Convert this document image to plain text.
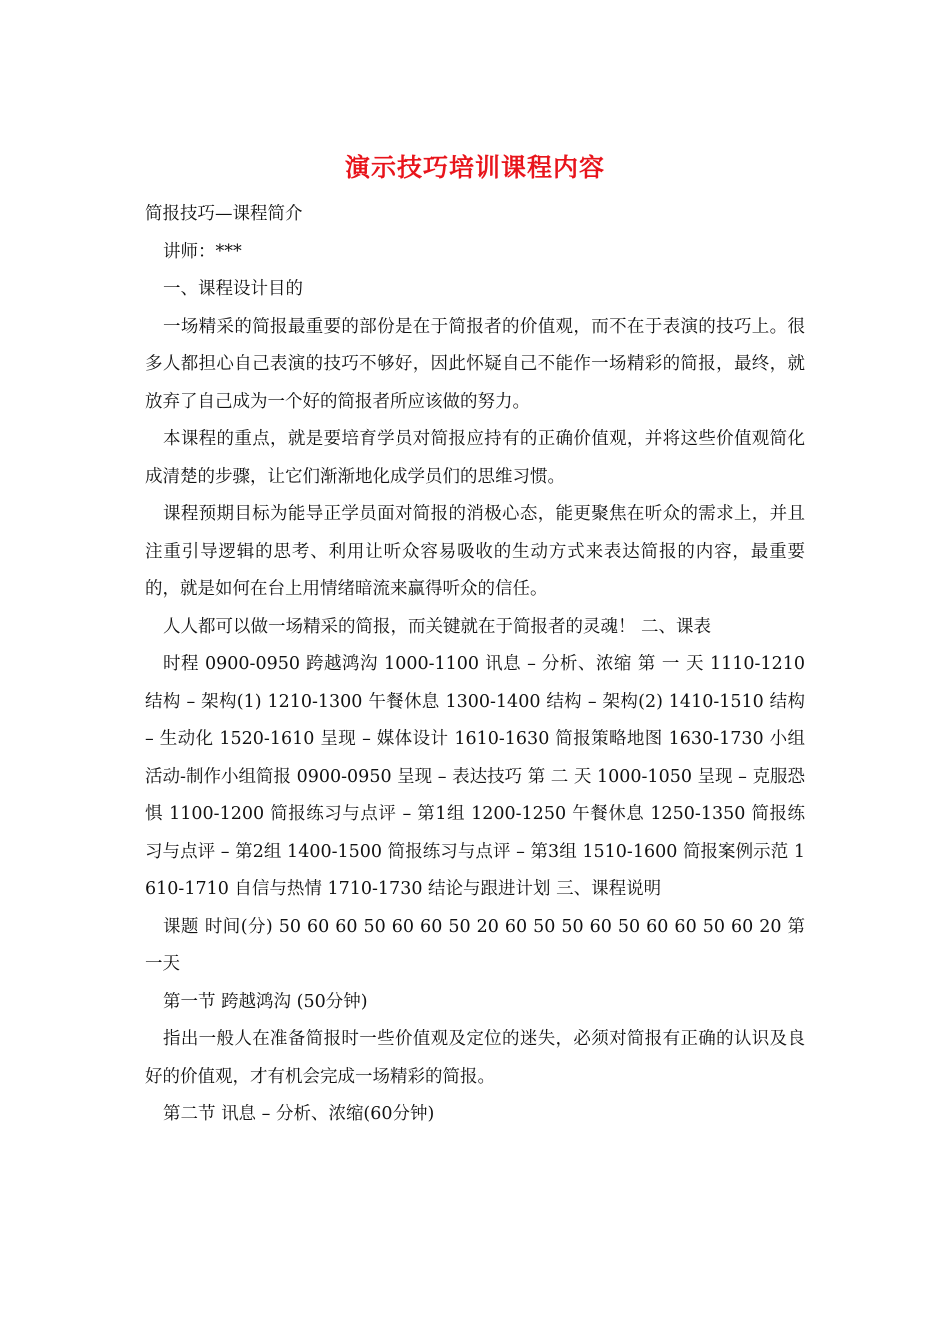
演示技巧培训课程内容

简报技巧—课程简介

讲师：***

一、课程设计目的

一场精采的简报最重要的部份是在于简报者的价值观，而不在于表演的技巧上。很多人都担心自己表演的技巧不够好，因此怀疑自己不能作一场精彩的简报，最终，就放弃了自己成为一个好的简报者所应该做的努力。

本课程的重点，就是要培育学员对简报应持有的正确价值观，并将这些价值观简化成清楚的步骤，让它们渐渐地化成学员们的思维习惯。

课程预期目标为能导正学员面对简报的消极心态，能更聚焦在听众的需求上，并且注重引导逻辑的思考、利用让听众容易吸收的生动方式来表达简报的内容，最重要的，就是如何在台上用情绪暗流来赢得听众的信任。

人人都可以做一场精采的简报，而关键就在于简报者的灵魂！ 二、课表

时程 0900-0950 跨越鸿沟 1000-1100 讯息 – 分析、浓缩 第 一 天 1110-1210 结构 – 架构(1) 1210-1300 午餐休息 1300-1400 结构 – 架构(2) 1410-1510 结构 – 生动化 1520-1610 呈现 – 媒体设计 1610-1630 简报策略地图 1630-1730 小组活动-制作小组简报 0900-0950 呈现 – 表达技巧 第 二 天 1000-1050 呈现 – 克服恐惧 1100-1200 简报练习与点评 – 第1组 1200-1250 午餐休息 1250-1350 简报练习与点评 – 第2组 1400-1500 简报练习与点评 – 第3组 1510-1600 简报案例示范 1610-1710 自信与热情 1710-1730 结论与跟进计划 三、课程说明

课题 时间(分) 50 60 60 50 60 60 50 20 60 50 50 60 50 60 60 50 60 20 第一天

第一节 跨越鸿沟 (50分钟)

指出一般人在准备简报时一些价值观及定位的迷失，必须对简报有正确的认识及良好的价值观，才有机会完成一场精彩的简报。

第二节 讯息 – 分析、浓缩(60分钟)
